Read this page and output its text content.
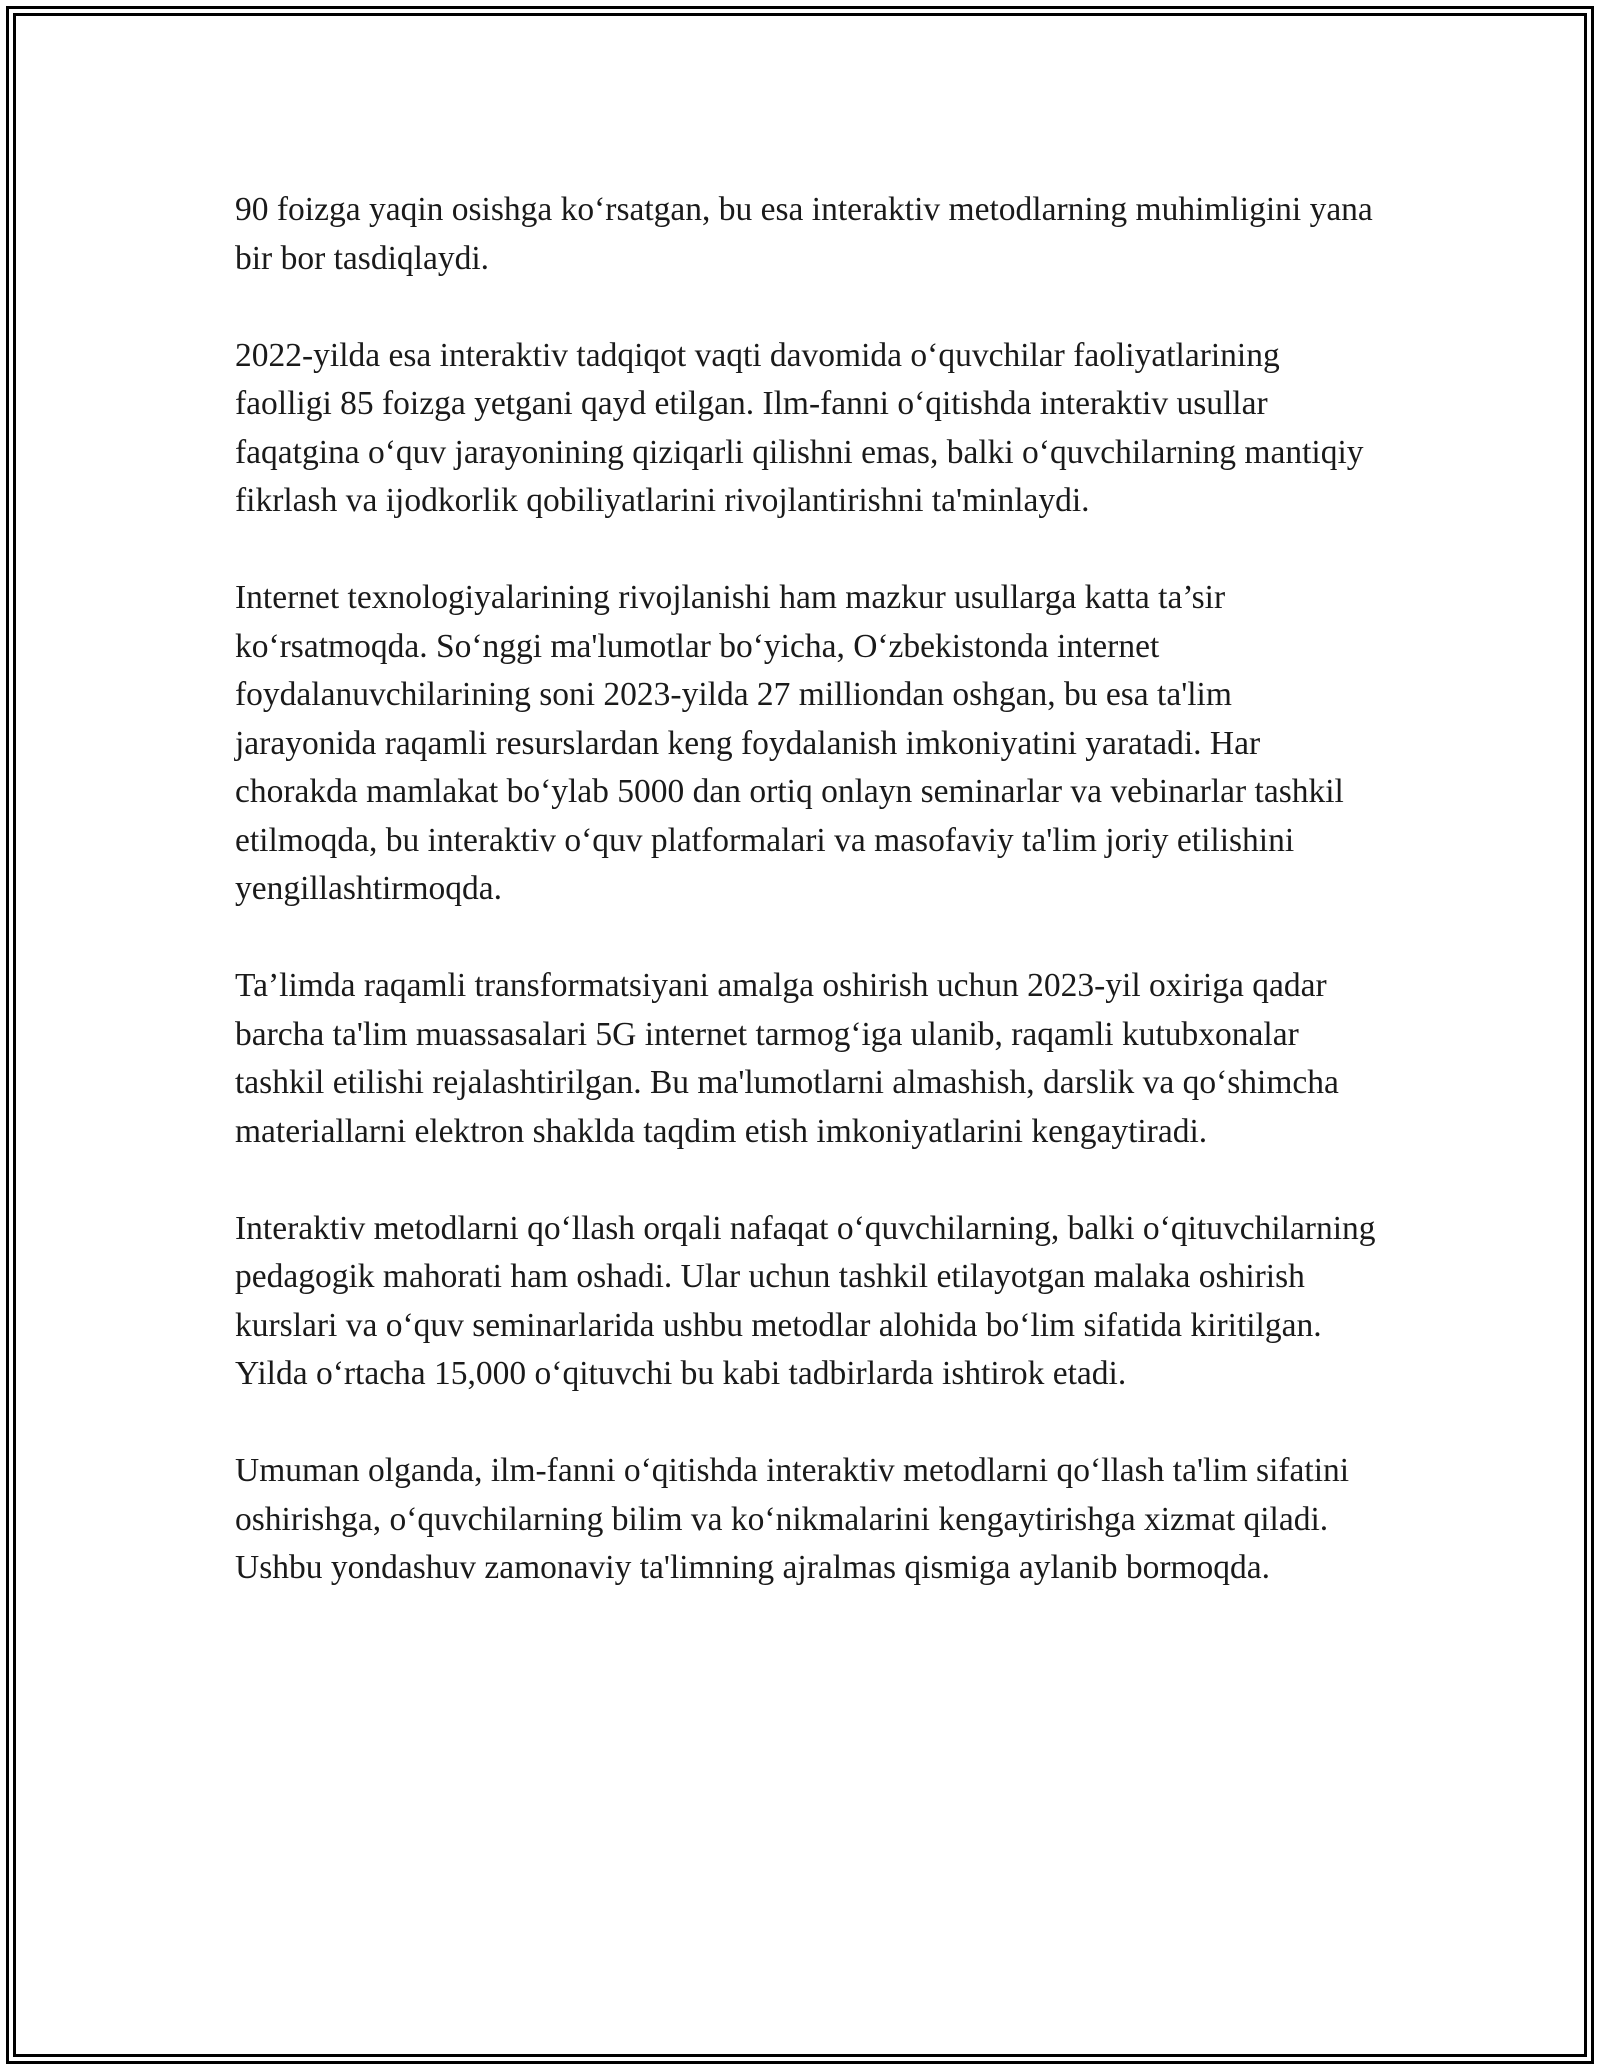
90 foizga yaqin osishga ko‘rsatgan, bu esa interaktiv metodlarning muhimligini yana bir bor tasdiqlaydi.

2022-yilda esa interaktiv tadqiqot vaqti davomida o‘quvchilar faoliyatlarining faolligi 85 foizga yetgani qayd etilgan. Ilm-fanni o‘qitishda interaktiv usullar faqatgina o‘quv jarayonining qiziqarli qilishni emas, balki o‘quvchilarning mantiqiy fikrlash va ijodkorlik qobiliyatlarini rivojlantirishni ta'minlaydi.

Internet texnologiyalarining rivojlanishi ham mazkur usullarga katta ta’sir ko‘rsatmoqda. So‘nggi ma'lumotlar bo‘yicha, O‘zbekistonda internet foydalanuvchilarining soni 2023-yilda 27 milliondan oshgan, bu esa ta'lim jarayonida raqamli resurslardan keng foydalanish imkoniyatini yaratadi. Har chorakda mamlakat bo‘ylab 5000 dan ortiq onlayn seminarlar va vebinarlar tashkil etilmoqda, bu interaktiv o‘quv platformalari va masofaviy ta'lim joriy etilishini yengillashtirmoqda.

Ta’limda raqamli transformatsiyani amalga oshirish uchun 2023-yil oxiriga qadar barcha ta'lim muassasalari 5G internet tarmog‘iga ulanib, raqamli kutubxonalar tashkil etilishi rejalashtirilgan. Bu ma'lumotlarni almashish, darslik va qo‘shimcha materiallarni elektron shaklda taqdim etish imkoniyatlarini kengaytiradi.

Interaktiv metodlarni qo‘llash orqali nafaqat o‘quvchilarning, balki o‘qituvchilarning pedagogik mahorati ham oshadi. Ular uchun tashkil etilayotgan malaka oshirish kurslari va o‘quv seminarlarida ushbu metodlar alohida bo‘lim sifatida kiritilgan. Yilda o‘rtacha 15,000 o‘qituvchi bu kabi tadbirlarda ishtirok etadi.

Umuman olganda, ilm-fanni o‘qitishda interaktiv metodlarni qo‘llash ta'lim sifatini oshirishga, o‘quvchilarning bilim va ko‘nikmalarini kengaytirishga xizmat qiladi. Ushbu yondashuv zamonaviy ta'limning ajralmas qismiga aylanib bormoqda.
